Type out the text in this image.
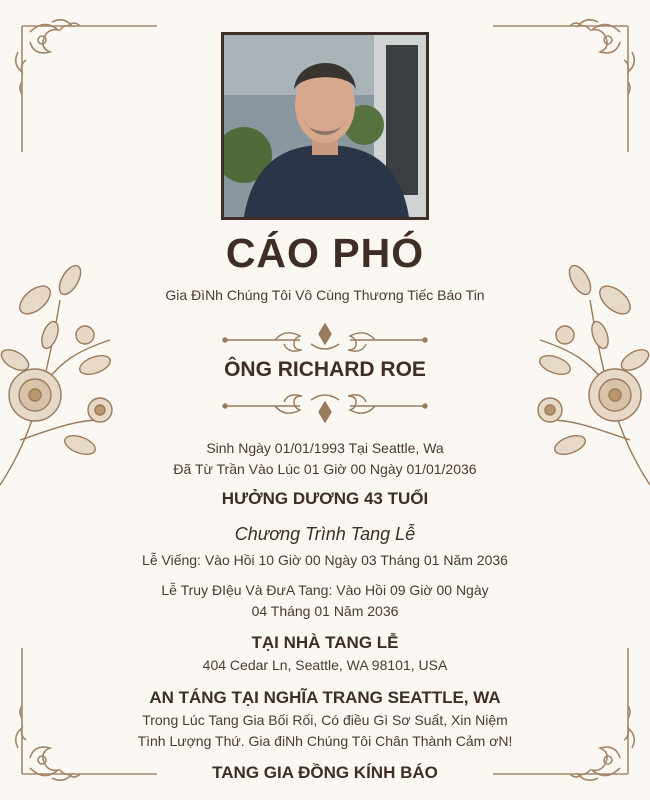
CÁO PHÓ
Gia ĐìNh Chúng Tôi Vô Cùng Thương Tiếc Báo Tin
ÔNG RICHARD ROE
Sinh Ngày 01/01/1993 Tại Seattle, Wa
Đã Từ Trần Vào Lúc 01 Giờ 00 Ngày 01/01/2036
HƯỞNG DƯƠNG 43 TUỔI
Chương Trình Tang Lễ
Lễ Viếng: Vào Hồi 10 Giờ 00 Ngày 03 Tháng 01 Năm 2036
Lễ Truy ĐIệu Và ĐưA Tang: Vào Hồi 09 Giờ 00 Ngày
04 Tháng 01 Năm 2036
TẠI NHÀ TANG LỄ
404 Cedar Ln, Seattle, WA 98101, USA
AN TÁNG TẠI NGHĨA TRANG SEATTLE, WA
Trong Lúc Tang Gia Bối Rối, Có điều Gì Sơ Suất, Xin Niệm
Tình Lượng Thứ. Gia điNh Chúng Tôi Chân Thành Cảm ơN!
TANG GIA ĐỒNG KÍNH BÁO
